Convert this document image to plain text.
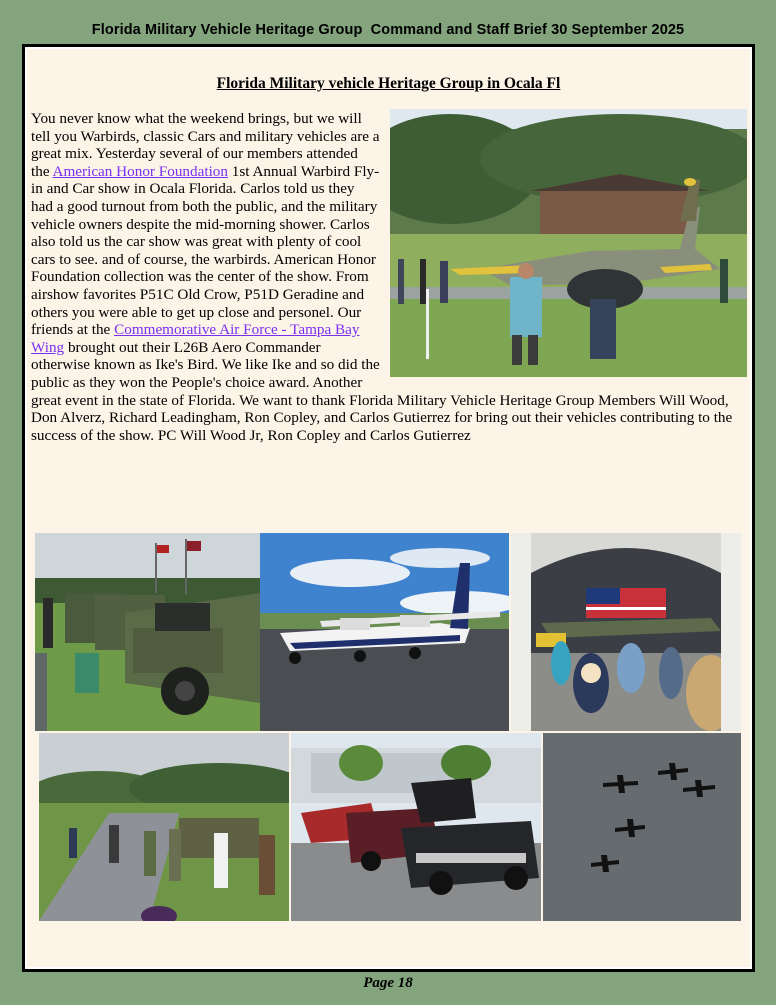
Florida Military Vehicle Heritage Group  Command and Staff Brief 30 September 2025
Florida Military vehicle Heritage Group in Ocala Fl
You never know what the weekend brings, but we will tell you Warbirds, classic Cars and military vehicles are a great mix. Yesterday several of our members attended the American Honor Foundation 1st Annual Warbird Fly-in and Car show in Ocala Florida. Carlos told us they had a good turnout from both the public, and the military vehicle owners despite the mid-morning shower. Carlos also told us the car show was great with plenty of cool cars to see. and of course, the warbirds. American Honor Foundation collection was the center of the show. From airshow favorites P51C Old Crow, P51D Geradine and others you were able to get up close and personel. Our friends at the Commemorative Air Force - Tampa Bay Wing brought out their L26B Aero Commander otherwise known as Ike's Bird. We like Ike and so did the public as they won the People's choice award. Another great event in the state of Florida. We want to thank Florida Military Vehicle Heritage Group Members Will Wood, Don Alverz, Richard Leadingham, Ron Copley, and Carlos Gutierrez for bring out their vehicles contributing to the success of the show. PC Will Wood Jr, Ron Copley and Carlos Gutierrez
Page 18
